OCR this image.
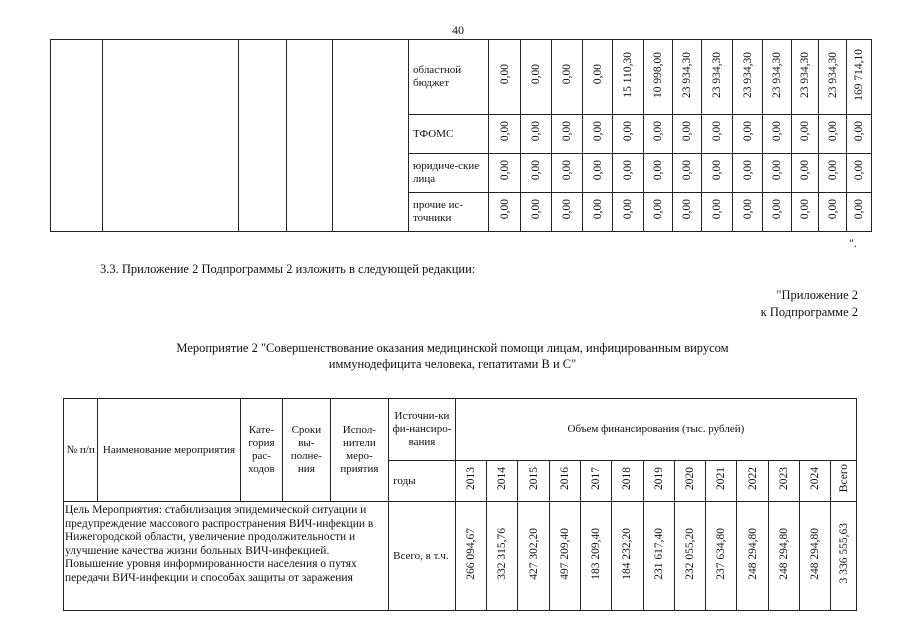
40
					областной бюджет	0,00	0,00	0,00	0,00	15 110,30	10 998,00	23 934,30	23 934,30	23 934,30	23 934,30	23 934,30	23 934,30	169 714,10
					ТФОМС	0,00	0,00	0,00	0,00	0,00	0,00	0,00	0,00	0,00	0,00	0,00	0,00	0,00
					юридиче-ские лица	0,00	0,00	0,00	0,00	0,00	0,00	0,00	0,00	0,00	0,00	0,00	0,00	0,00
					прочие ис-точники	0,00	0,00	0,00	0,00	0,00	0,00	0,00	0,00	0,00	0,00	0,00	0,00	0,00
".
3.3. Приложение 2 Подпрограммы 2 изложить в следующей редакции:
"Приложение 2
к Подпрограмме 2
Мероприятие 2 "Совершенствование оказания медицинской помощи лицам, инфицированным вирусом
иммунодефицита человека, гепатитами В и С"
№ п/п	Наименование мероприятия	Кате-гория рас-ходов	Сроки вы-полне-ния	Испол-нители меро-приятия	Источни-ки фи-нансиро-вания	Объем финансирования (тыс. рублей)												
					годы	2013	2014	2015	2016	2017	2018	2019	2020	2021	2022	2023	2024	Всего
Цель Мероприятия: стабилизация эпидемической ситуации и предупреждение массового распространения ВИЧ-инфекции в Нижегородской области, увеличение продолжительности и улучшение качества жизни больных ВИЧ-инфекцией. Повышение уровня информированности населения о путях передачи ВИЧ-инфекции и способах защиты от заражения					Всего, в т.ч.	266 094,67	332 315,76	427 302,20	497 209,40	183 209,40	184 232,20	231 617,40	232 055,20	237 634,80	248 294,80	248 294,80	248 294,80	3 336 555,63
